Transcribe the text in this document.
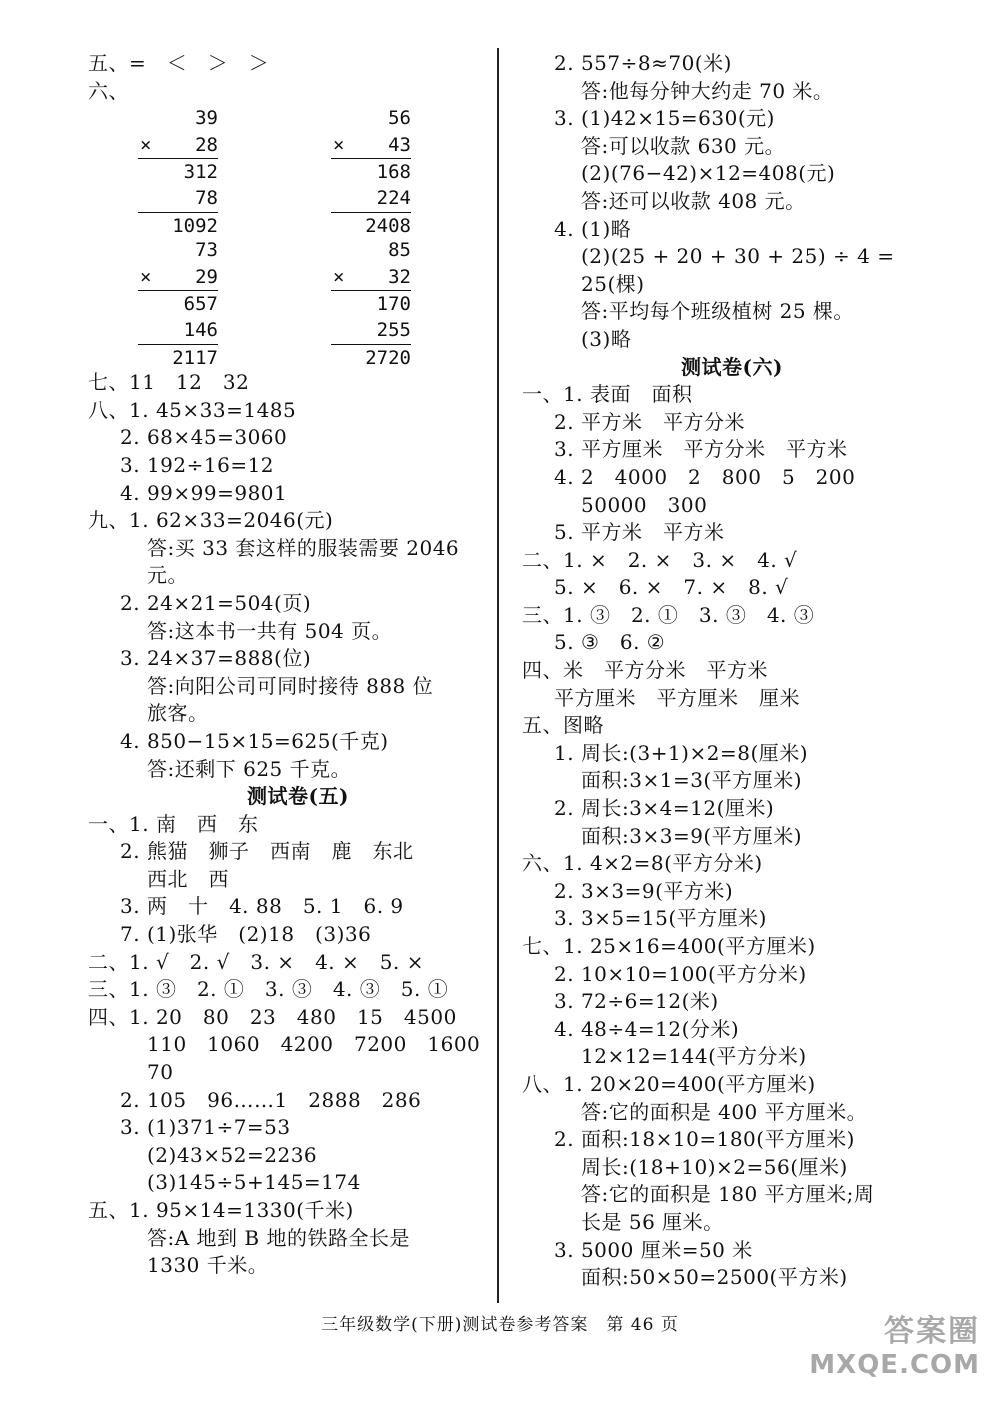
五、=　＜　＞　＞
六、
39
× 28
312
78
1092
56
× 43
168
224
2408
73
× 29
657
146
2117
85
× 32
170
255
2720
七、11　12　32
八、1. 45×33=1485
2. 68×45=3060
3. 192÷16=12
4. 99×99=9801
九、1. 62×33=2046(元)
答:买 33 套这样的服装需要 2046
元。
2. 24×21=504(页)
答:这本书一共有 504 页。
3. 24×37=888(位)
答:向阳公司可同时接待 888 位
旅客。
4. 850−15×15=625(千克)
答:还剩下 625 千克。
测试卷(五)
一、1. 南　西　东
2. 熊猫　狮子　西南　鹿　东北
西北　西
3. 两　十　4. 88　5. 1　6. 9
7. (1)张华　(2)18　(3)36
二、1. √　2. √　3. ×　4. ×　5. ×
三、1. ③　2. ①　3. ③　4. ③　5. ①
四、1. 20　80　23　480　15　4500
110　1060　4200　7200　1600
70
2. 105　96……1　2888　286
3. (1)371÷7=53
(2)43×52=2236
(3)145÷5+145=174
五、1. 95×14=1330(千米)
答:A 地到 B 地的铁路全长是
1330 千米。
2. 557÷8≈70(米)
答:他每分钟大约走 70 米。
3. (1)42×15=630(元)
答:可以收款 630 元。
(2)(76−42)×12=408(元)
答:还可以收款 408 元。
4. (1)略
(2)(25 + 20 + 30 + 25) ÷ 4 =
25(棵)
答:平均每个班级植树 25 棵。
(3)略
测试卷(六)
一、1. 表面　面积
2. 平方米　平方分米
3. 平方厘米　平方分米　平方米
4. 2　4000　2　800　5　200
50000　300
5. 平方米　平方米
二、1. ×　2. ×　3. ×　4. √
5. ×　6. ×　7. ×　8. √
三、1. ③　2. ①　3. ③　4. ③
5. ③　6. ②
四、米　平方分米　平方米
平方厘米　平方厘米　厘米
五、图略
1. 周长:(3+1)×2=8(厘米)
面积:3×1=3(平方厘米)
2. 周长:3×4=12(厘米)
面积:3×3=9(平方厘米)
六、1. 4×2=8(平方分米)
2. 3×3=9(平方米)
3. 3×5=15(平方厘米)
七、1. 25×16=400(平方厘米)
2. 10×10=100(平方分米)
3. 72÷6=12(米)
4. 48÷4=12(分米)
12×12=144(平方分米)
八、1. 20×20=400(平方厘米)
答:它的面积是 400 平方厘米。
2. 面积:18×10=180(平方厘米)
周长:(18+10)×2=56(厘米)
答:它的面积是 180 平方厘米;周
长是 56 厘米。
3. 5000 厘米=50 米
面积:50×50=2500(平方米)
三年级数学(下册)测试卷参考答案　第 46 页	答案圈
MXQE.COM
